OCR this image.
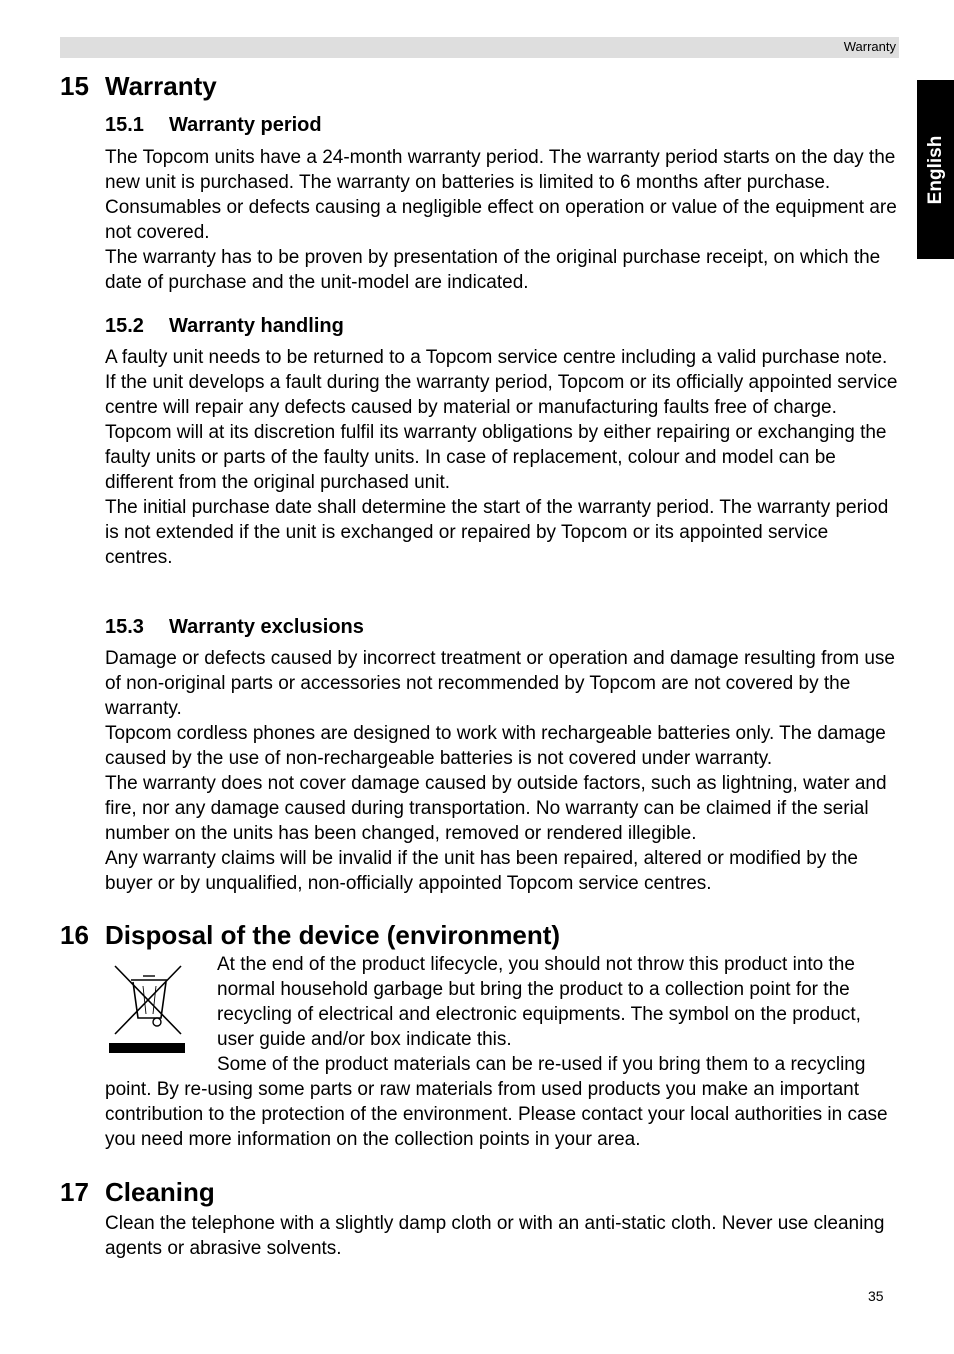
Warranty
English
15 Warranty
15.1 Warranty period

The Topcom units have a 24-month warranty period. The warranty period starts on the day the new unit is purchased. The warranty on batteries is limited to 6 months after purchase. Consumables or defects causing a negligible effect on operation or value of the equipment are not covered.

The warranty has to be proven by presentation of the original purchase receipt, on which the date of purchase and the unit-model are indicated.

15.2 Warranty handling

A faulty unit needs to be returned to a Topcom service centre including a valid purchase note. If the unit develops a fault during the warranty period, Topcom or its officially appointed service centre will repair any defects caused by material or manufacturing faults free of charge.

Topcom will at its discretion fulfil its warranty obligations by either repairing or exchanging the faulty units or parts of the faulty units. In case of replacement, colour and model can be different from the original purchased unit.

The initial purchase date shall determine the start of the warranty period. The warranty period is not extended if the unit is exchanged or repaired by Topcom or its appointed service centres.

15.3 Warranty exclusions

Damage or defects caused by incorrect treatment or operation and damage resulting from use of non-original parts or accessories not recommended by Topcom are not covered by the warranty.

Topcom cordless phones are designed to work with rechargeable batteries only. The damage caused by the use of non-rechargeable batteries is not covered under warranty.

The warranty does not cover damage caused by outside factors, such as lightning, water and fire, nor any damage caused during transportation. No warranty can be claimed if the serial number on the units has been changed, removed or rendered illegible.

Any warranty claims will be invalid if the unit has been repaired, altered or modified by the buyer or by unqualified, non-officially appointed Topcom service centres.

16 Disposal of the device (environment)

At the end of the product lifecycle, you should not throw this product into the normal household garbage but bring the product to a collection point for the recycling of electrical and electronic equipments. The symbol on the product, user guide and/or box indicate this.

Some of the product materials can be re-used if you bring them to a recycling point. By re-using some parts or raw materials from used products you make an important contribution to the protection of the environment. Please contact your local authorities in case you need more information on the collection points in your area.

17 Cleaning

Clean the telephone with a slightly damp cloth or with an anti-static cloth. Never use cleaning agents or abrasive solvents.

35
